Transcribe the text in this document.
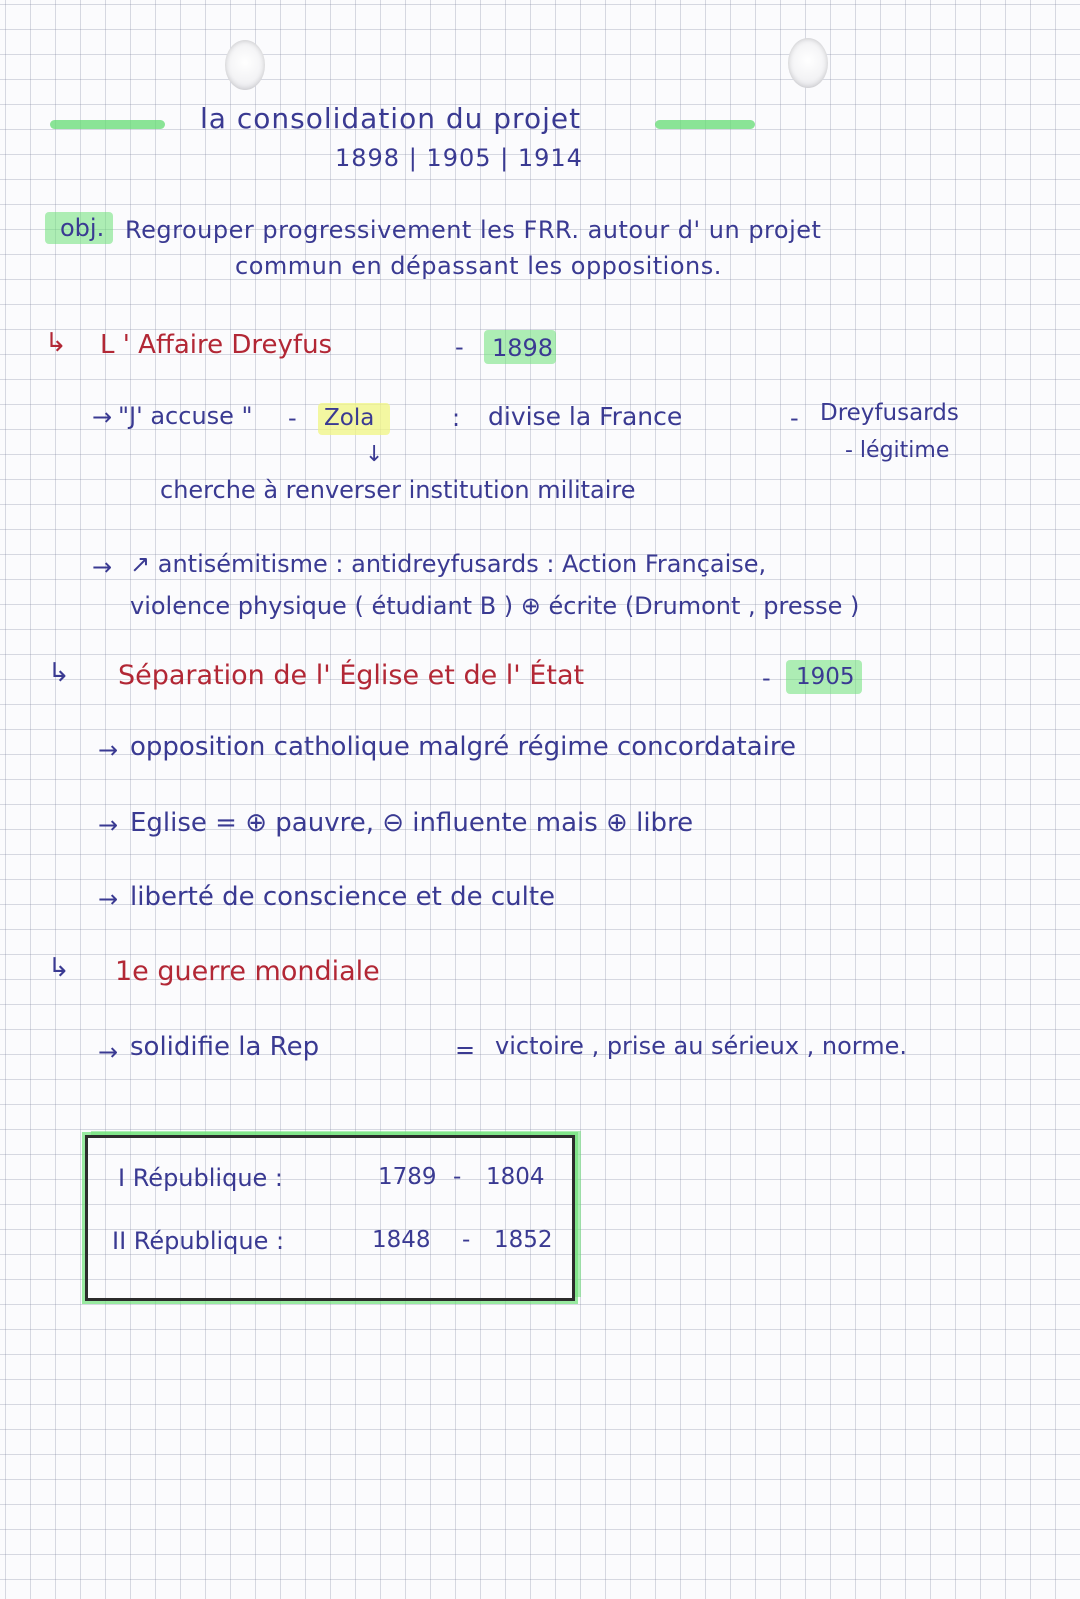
la consolidation du projet

1898 | 1905 | 1914

obj. Regrouper progressivement les FRR. autour d' un projet

commun en dépassant les oppositions.

↳ L ' Affaire Dreyfus	- 1898

→ "J' accuse " - Zola	: divise la France	- Dreyfusards

- légitime

↓

cherche à renverser institution militaire

→ ↗ antisémitisme : antidreyfusards : Action Française,

violence physique ( étudiant B ) ⊕ écrite (Drumont , presse )

↳ Séparation de l' Église et de l' État	- 1905

→ opposition catholique malgré régime concordataire

→ Eglise = ⊕ pauvre, ⊖ influente mais ⊕ libre

→ liberté de conscience et de culte

↳ 1e guerre mondiale

→ solidifie la Rep	= victoire , prise au sérieux , norme.

I République :	1789 - 1804

II République :	1848 - 1852
